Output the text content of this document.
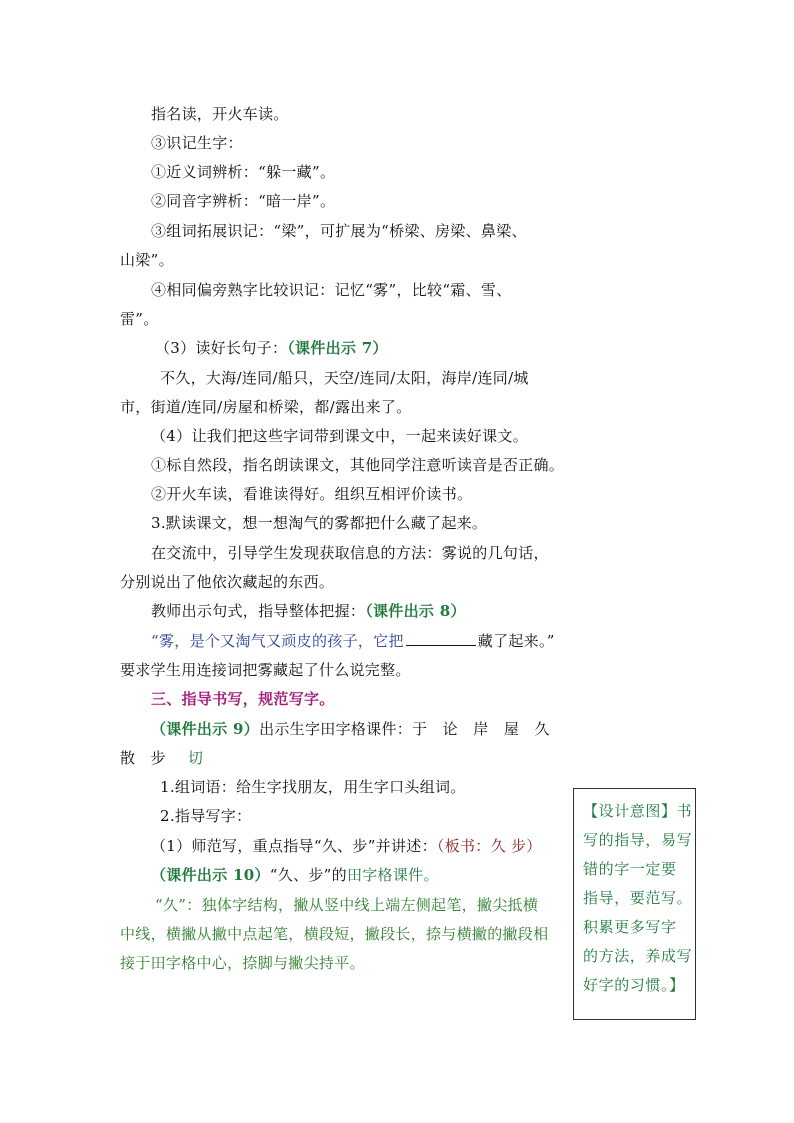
指名读，开火车读。
③识记生字：
①近义词辨析：“躲一藏”。
②同音字辨析：“暗一岸”。
③组词拓展识记：“梁”，可扩展为“桥梁、房梁、鼻梁、
山梁”。
④相同偏旁熟字比较识记：记忆“雾”，比较“霜、雪、
雷”。
（3）读好长句子：（课件出示 7）
不久，大海/连同/船只，天空/连同/太阳，海岸/连同/城
市，街道/连同/房屋和桥梁，都/露出来了。
（4）让我们把这些字词带到课文中，一起来读好课文。
①标自然段，指名朗读课文，其他同学注意听读音是否正确。
②开火车读，看谁读得好。组织互相评价读书。
3.默读课文，想一想淘气的雾都把什么藏了起来。
在交流中，引导学生发现获取信息的方法：雾说的几句话，
分别说出了他依次藏起的东西。
教师出示句式，指导整体把握：（课件出示 8）
“雾，是个又淘气又顽皮的孩子，它把	藏了起来。”
要求学生用连接词把雾藏起了什么说完整。
三、指导书写，规范写字。
（课件出示 9）出示生字田字格课件：于　论　岸　屋　久
散　步 切
1.组词语：给生字找朋友，用生字口头组词。
2.指导写字：
（1）师范写，重点指导“久、步”并讲述：（板书：久 步）
（课件出示 10）“久、步”的田字格课件。
“久”：独体字结构，撇从竖中线上端左侧起笔，撇尖抵横
中线，横撇从撇中点起笔，横段短，撇段长，捺与横撇的撇段相
接于田字格中心，捺脚与撇尖持平。
【设计意图】书
写的指导，易写
错的字一定要
指导，要范写。
积累更多写字
的方法，养成写
好字的习惯。】
